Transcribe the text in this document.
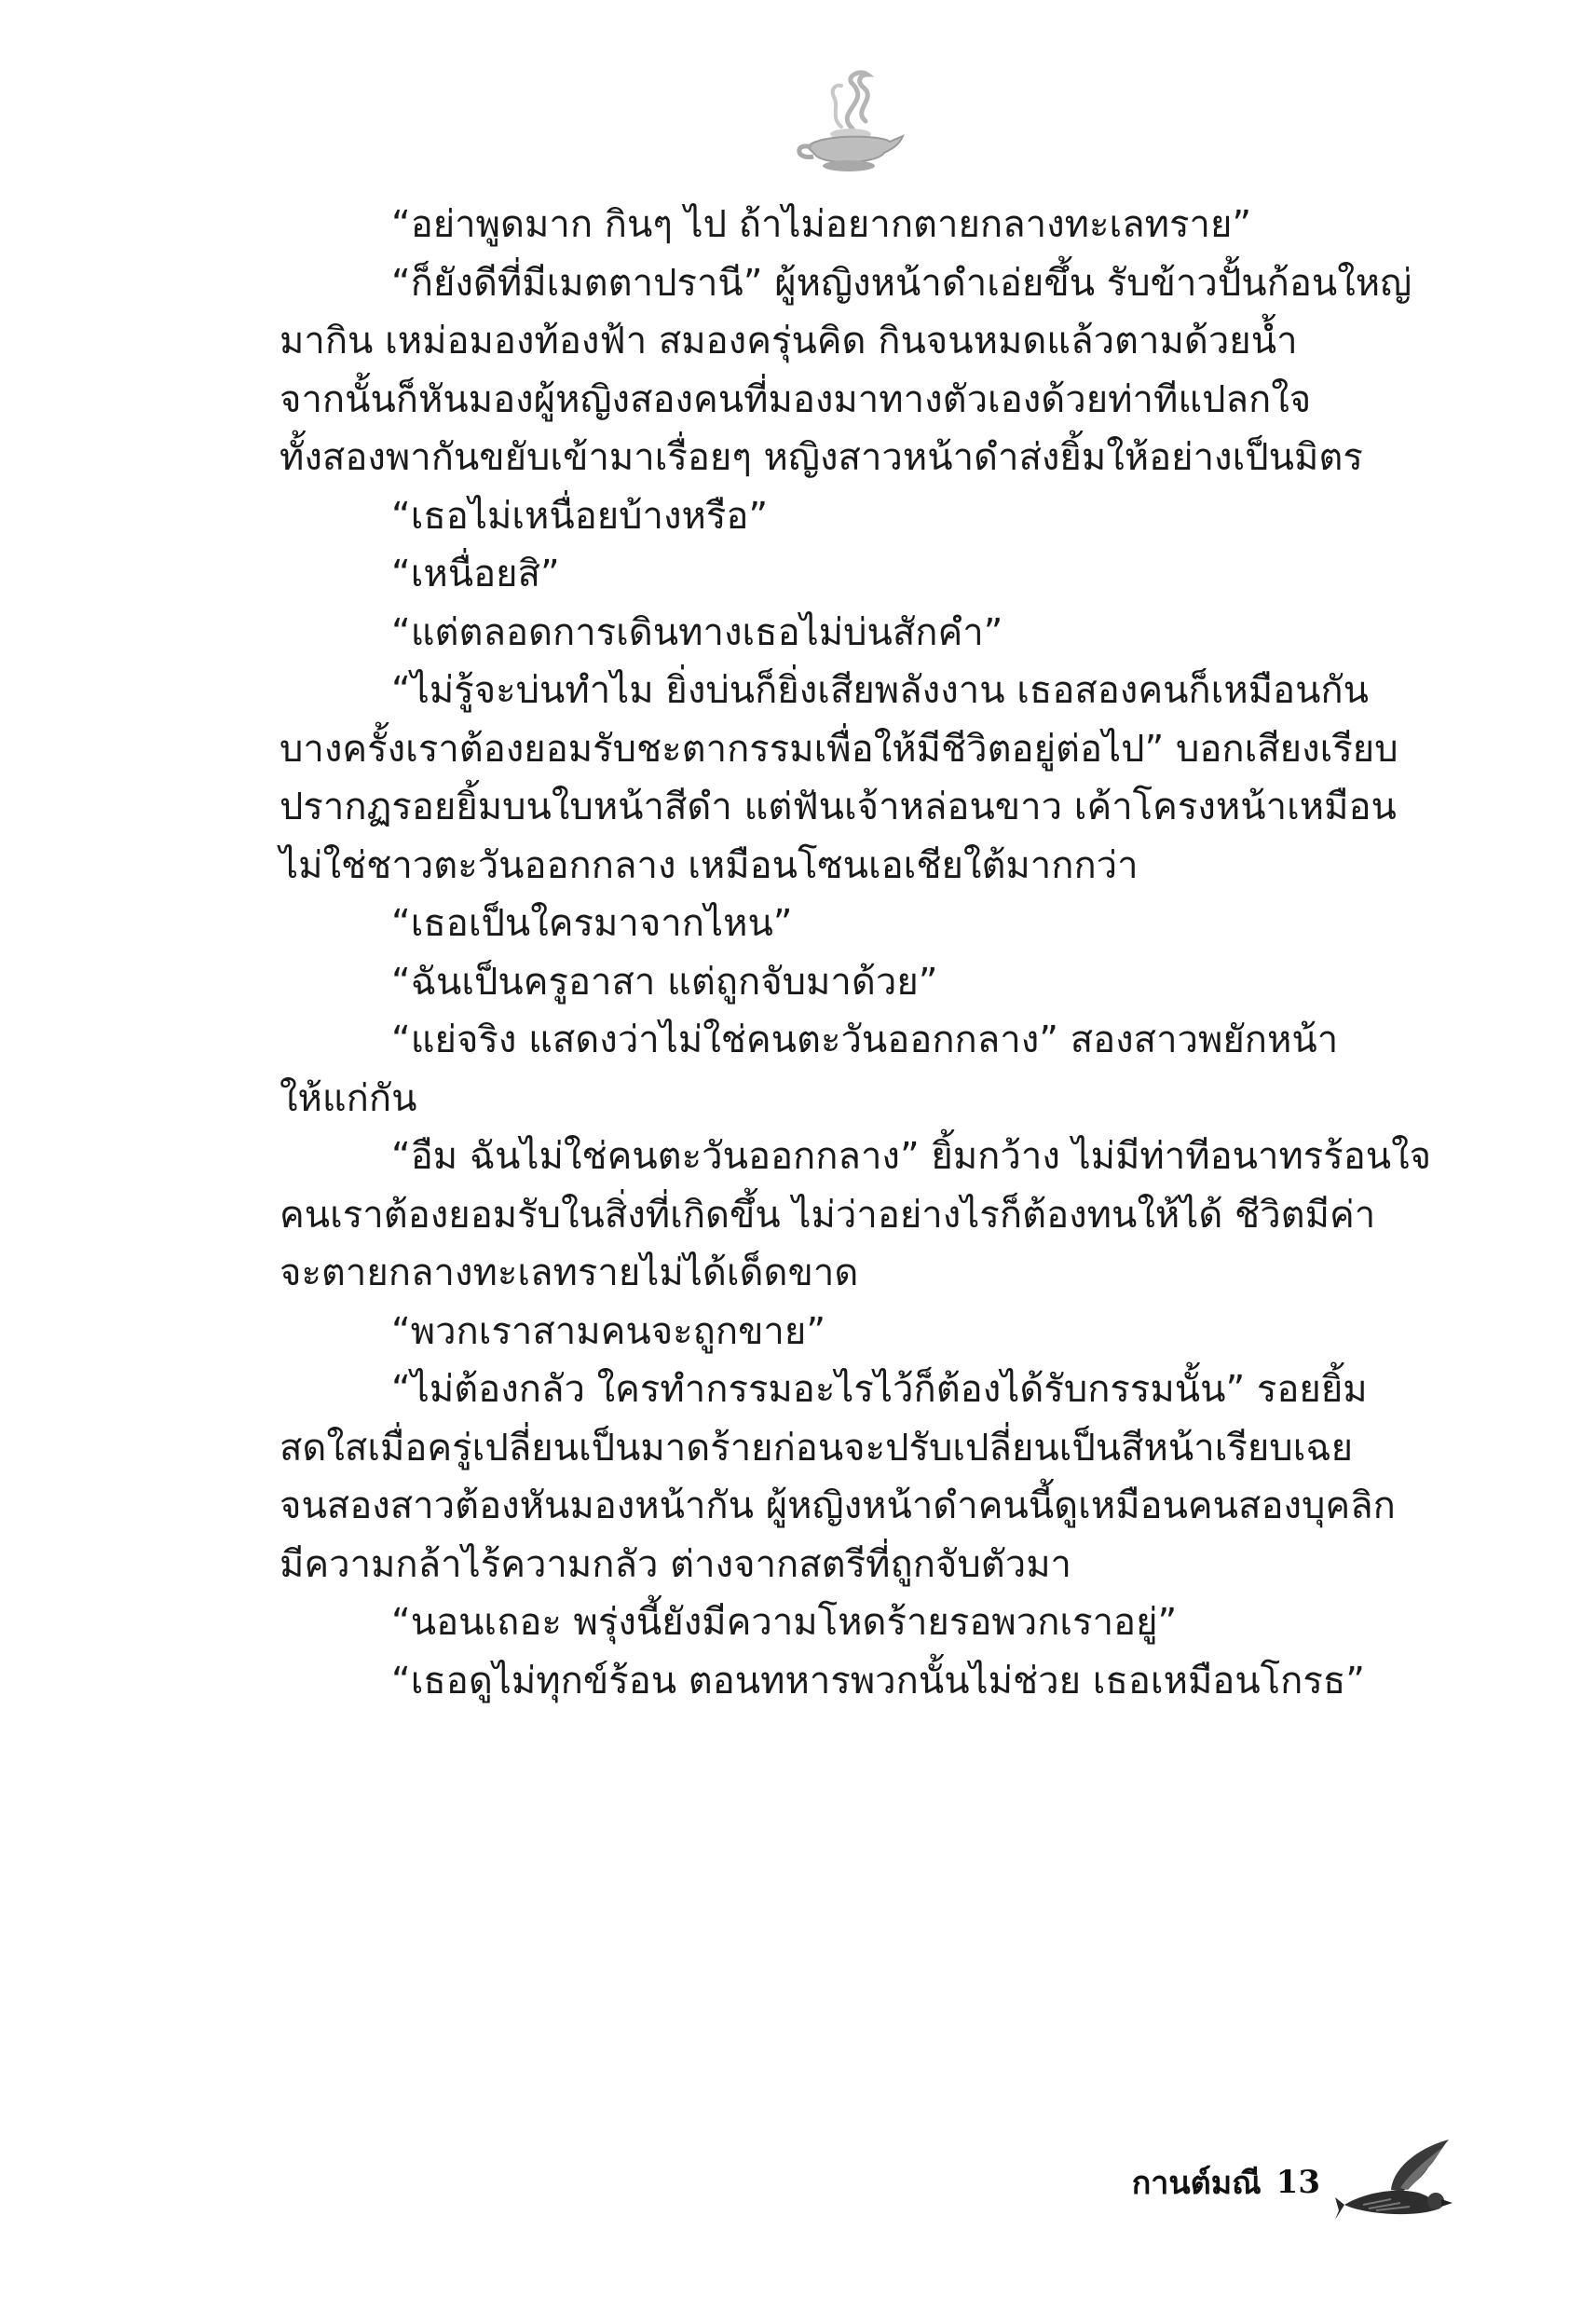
“อย่าพูดมาก กินๆ ไป ถ้าไม่อยากตายกลางทะเลทราย”

“ก็ยังดีที่มีเมตตาปรานี” ผู้หญิงหน้าดำเอ่ยขึ้น รับข้าวปั้นก้อนใหญ่

มากิน เหม่อมองท้องฟ้า สมองครุ่นคิด กินจนหมดแล้วตามด้วยน้ำ

จากนั้นก็หันมองผู้หญิงสองคนที่มองมาทางตัวเองด้วยท่าทีแปลกใจ

ทั้งสองพากันขยับเข้ามาเรื่อยๆ หญิงสาวหน้าดำส่งยิ้มให้อย่างเป็นมิตร

“เธอไม่เหนื่อยบ้างหรือ”

“เหนื่อยสิ”

“แต่ตลอดการเดินทางเธอไม่บ่นสักคำ”

“ไม่รู้จะบ่นทำไม ยิ่งบ่นก็ยิ่งเสียพลังงาน เธอสองคนก็เหมือนกัน

บางครั้งเราต้องยอมรับชะตากรรมเพื่อให้มีชีวิตอยู่ต่อไป” บอกเสียงเรียบ

ปรากฏรอยยิ้มบนใบหน้าสีดำ แต่ฟันเจ้าหล่อนขาว เค้าโครงหน้าเหมือน

ไม่ใช่ชาวตะวันออกกลาง เหมือนโซนเอเชียใต้มากกว่า

“เธอเป็นใครมาจากไหน”

“ฉันเป็นครูอาสา แต่ถูกจับมาด้วย”

“แย่จริง แสดงว่าไม่ใช่คนตะวันออกกลาง” สองสาวพยักหน้า

ให้แก่กัน

“อืม ฉันไม่ใช่คนตะวันออกกลาง” ยิ้มกว้าง ไม่มีท่าทีอนาทรร้อนใจ

คนเราต้องยอมรับในสิ่งที่เกิดขึ้น ไม่ว่าอย่างไรก็ต้องทนให้ได้ ชีวิตมีค่า

จะตายกลางทะเลทรายไม่ได้เด็ดขาด

“พวกเราสามคนจะถูกขาย”

“ไม่ต้องกลัว ใครทำกรรมอะไรไว้ก็ต้องได้รับกรรมนั้น” รอยยิ้ม

สดใสเมื่อครู่เปลี่ยนเป็นมาดร้ายก่อนจะปรับเปลี่ยนเป็นสีหน้าเรียบเฉย

จนสองสาวต้องหันมองหน้ากัน ผู้หญิงหน้าดำคนนี้ดูเหมือนคนสองบุคลิก

มีความกล้าไร้ความกลัว ต่างจากสตรีที่ถูกจับตัวมา

“นอนเถอะ พรุ่งนี้ยังมีความโหดร้ายรอพวกเราอยู่”

“เธอดูไม่ทุกข์ร้อน ตอนทหารพวกนั้นไม่ช่วย เธอเหมือนโกรธ”

กานต์มณี 13
